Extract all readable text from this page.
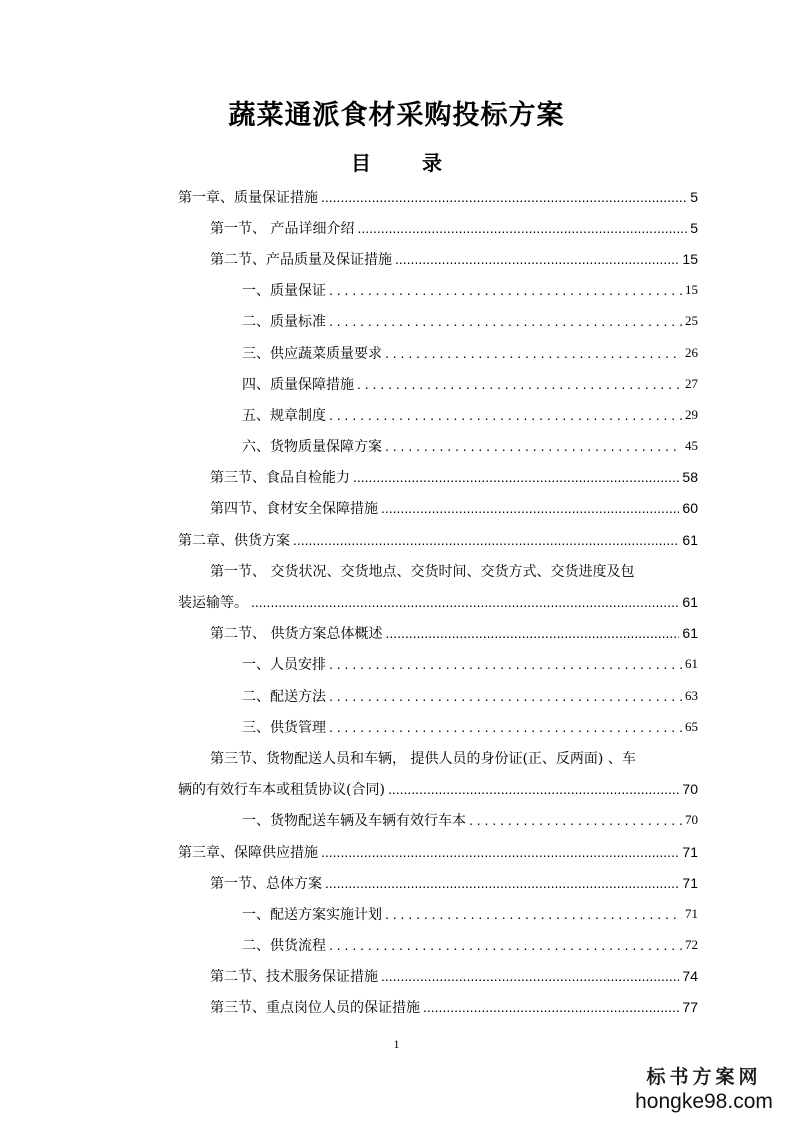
蔬菜通派食材采购投标方案
目 录
第一章、质量保证措施 .....	5
第一节、 产品详细介绍 .....	5
第二节、产品质量及保证措施 .....	15
一、质量保证 . . .	15
二、质量标准 . . .	25
三、供应蔬菜质量要求 . . .	26
四、质量保障措施 . . .	27
五、规章制度 . . .	29
六、货物质量保障方案 . . .	45
第三节、食品自检能力 .....	58
第四节、食材安全保障措施 .....	60
第二章、供货方案 .....	61
第一节、 交货状况、交货地点、交货时间、交货方式、交货进度及包
装运输等。 .....	61
第二节、 供货方案总体概述 .....	61
一、人员安排 . . .	61
二、配送方法 . . .	63
三、供货管理 . . .	65
第三节、货物配送人员和车辆， 提供人员的身份证(正、反两面) 、车
辆的有效行车本或租赁协议(合同) .....	70
一、货物配送车辆及车辆有效行车本 . . .	70
第三章、保障供应措施 .....	71
第一节、总体方案 .....	71
一、配送方案实施计划 . . .	71
二、供货流程 . . .	72
第二节、技术服务保证措施 .....	74
第三节、重点岗位人员的保证措施 .....	77
1
标书方案网
hongke98.com
